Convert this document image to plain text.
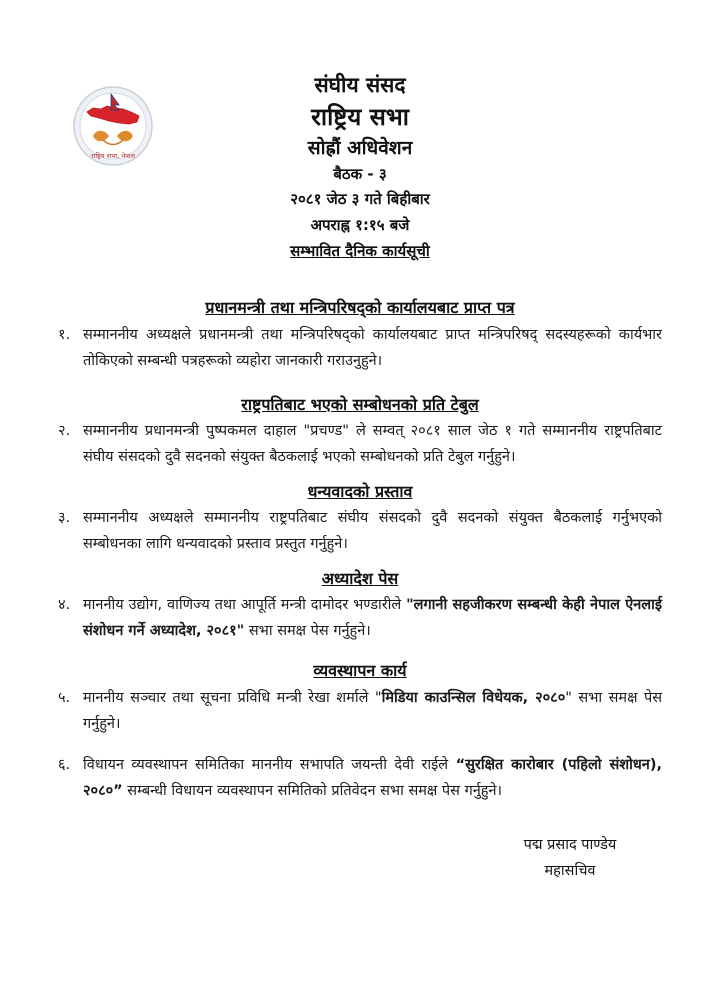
राष्ट्रिय सभा, नेपाल
संघीय संसद
राष्ट्रिय सभा
सोह्रौं अधिवेशन
बैठक - ३
२०८१ जेठ ३ गते बिहीबार
अपराह्न १:१५ बजे
सम्भावित दैनिक कार्यसूची
प्रधानमन्त्री तथा मन्त्रिपरिषद्को कार्यालयबाट प्राप्त पत्र
१. सम्माननीय अध्यक्षले प्रधानमन्त्री तथा मन्त्रिपरिषद्को कार्यालयबाट प्राप्त मन्त्रिपरिषद् सदस्यहरूको कार्यभार तोकिएको सम्बन्धी पत्रहरूको व्यहोरा जानकारी गराउनुहुने।
राष्ट्रपतिबाट भएको सम्बोधनको प्रति टेबुल
२. सम्माननीय प्रधानमन्त्री पुष्पकमल दाहाल "प्रचण्ड" ले सम्वत् २०८१ साल जेठ १ गते सम्माननीय राष्ट्रपतिबाट संघीय संसदको दुवै सदनको संयुक्त बैठकलाई भएको सम्बोधनको प्रति टेबुल गर्नुहुने।
धन्यवादको प्रस्ताव
३. सम्माननीय अध्यक्षले सम्माननीय राष्ट्रपतिबाट संघीय संसदको दुवै सदनको संयुक्त बैठकलाई गर्नुभएको सम्बोधनका लागि धन्यवादको प्रस्ताव प्रस्तुत गर्नुहुने।
अध्यादेश पेस
४. माननीय उद्योग, वाणिज्य तथा आपूर्ति मन्त्री दामोदर भण्डारीले "लगानी सहजीकरण सम्बन्धी केही नेपाल ऐनलाई संशोधन गर्ने अध्यादेश, २०८१" सभा समक्ष पेस गर्नुहुने।
व्यवस्थापन कार्य
५. माननीय सञ्चार तथा सूचना प्रविधि मन्त्री रेखा शर्माले "मिडिया काउन्सिल विधेयक, २०८०" सभा समक्ष पेस गर्नुहुने।
६. विधायन व्यवस्थापन समितिका माननीय सभापति जयन्ती देवी राईले “सुरक्षित कारोबार (पहिलो संशोधन), २०८०” सम्बन्धी विधायन व्यवस्थापन समितिको प्रतिवेदन सभा समक्ष पेस गर्नुहुने।
पद्म प्रसाद पाण्डेय
महासचिव
